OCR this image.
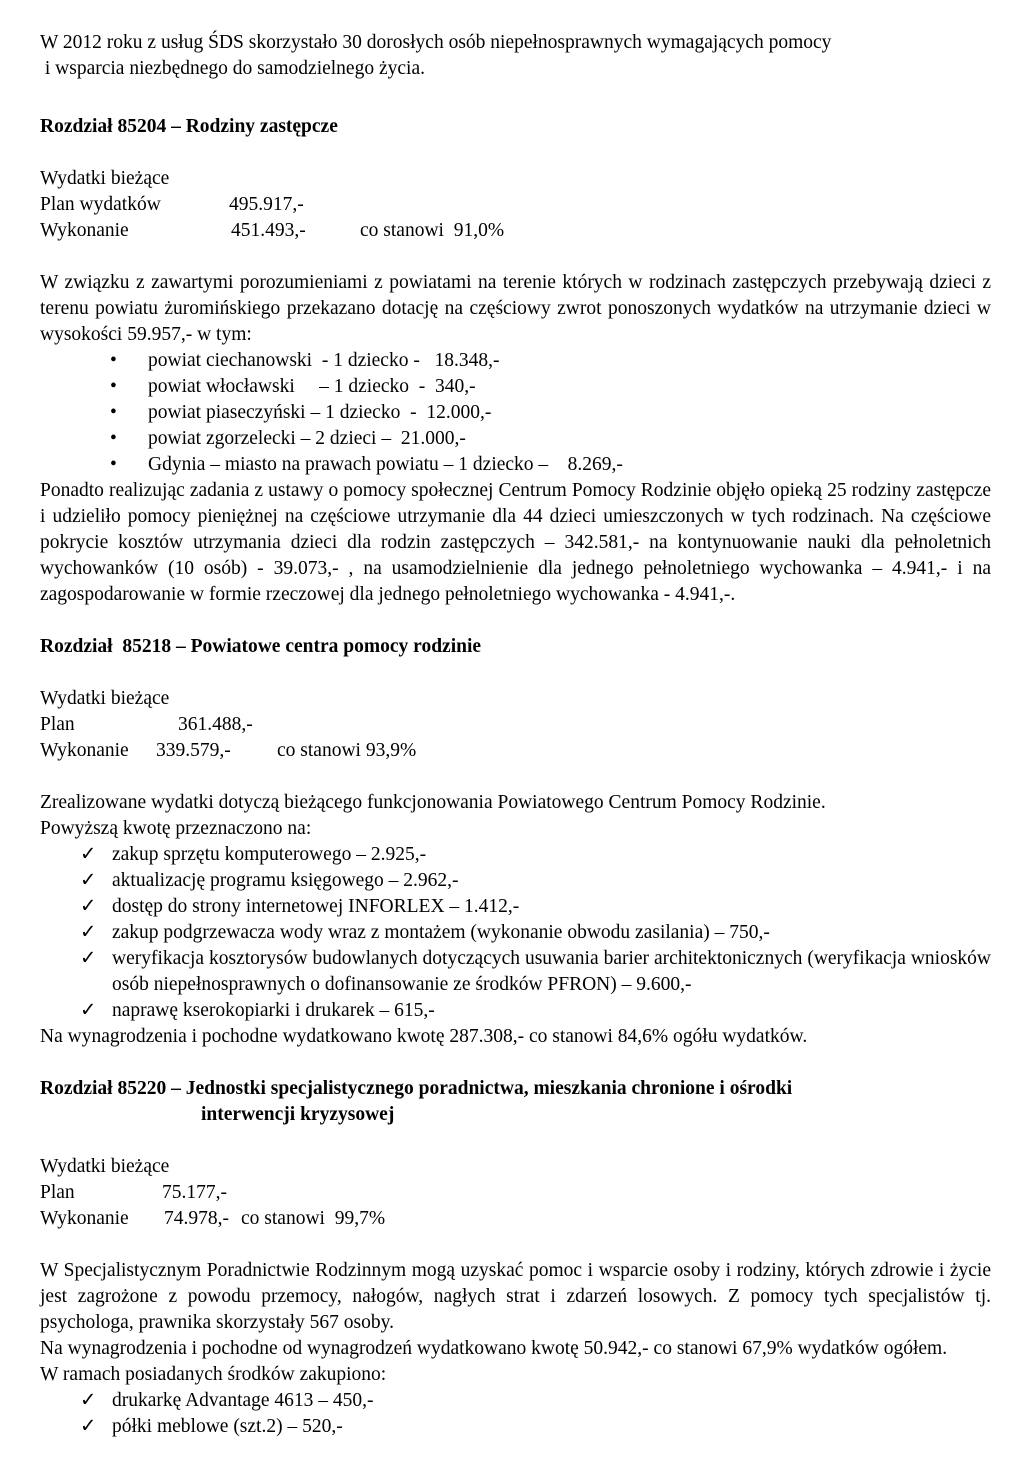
W 2012 roku z usług ŚDS skorzystało 30 dorosłych osób niepełnosprawnych wymagających pomocy

i wsparcia niezbędnego do samodzielnego życia.

Rozdział 85204 – Rodziny zastępcze

Wydatki bieżące

Plan wydatków	495.917,-
Wykonanie	451.493,-	co stanowi  91,0%

W związku z zawartymi porozumieniami z powiatami na terenie których w rodzinach zastępczych przebywają dzieci z terenu powiatu żuromińskiego przekazano dotację na częściowy zwrot ponoszonych wydatków na utrzymanie dzieci w wysokości 59.957,- w tym:

• powiat ciechanowski  - 1 dziecko -   18.348,-
• powiat włocławski     – 1 dziecko  -  340,-
• powiat piaseczyński – 1 dziecko  -  12.000,-
• powiat zgorzelecki – 2 dzieci –  21.000,-
• Gdynia – miasto na prawach powiatu – 1 dziecko –    8.269,-

Ponadto realizując zadania z ustawy o pomocy społecznej Centrum Pomocy Rodzinie objęło opieką 25 rodziny zastępcze i udzieliło pomocy pieniężnej na częściowe utrzymanie dla 44 dzieci umieszczonych w tych rodzinach. Na częściowe pokrycie kosztów utrzymania dzieci dla rodzin zastępczych – 342.581,- na kontynuowanie nauki dla pełnoletnich wychowanków (10 osób) - 39.073,- , na usamodzielnienie dla jednego pełnoletniego wychowanka – 4.941,- i na zagospodarowanie w formie rzeczowej dla jednego pełnoletniego wychowanka - 4.941,-.

Rozdział  85218 – Powiatowe centra pomocy rodzinie

Wydatki bieżące

Plan	361.488,-
Wykonanie	339.579,-	co stanowi 93,9%

Zrealizowane wydatki dotyczą bieżącego funkcjonowania Powiatowego Centrum Pomocy Rodzinie.

Powyższą kwotę przeznaczono na:

✓ zakup sprzętu komputerowego – 2.925,-
✓ aktualizację programu księgowego – 2.962,-
✓ dostęp do strony internetowej INFORLEX – 1.412,-
✓ zakup podgrzewacza wody wraz z montażem (wykonanie obwodu zasilania) – 750,-
✓ weryfikacja kosztorysów budowlanych dotyczących usuwania barier architektonicznych (weryfikacja wniosków osób niepełnosprawnych o dofinansowanie ze środków PFRON) – 9.600,-
✓ naprawę kserokopiarki i drukarek – 615,-

Na wynagrodzenia i pochodne wydatkowano kwotę 287.308,- co stanowi 84,6% ogółu wydatków.

Rozdział 85220 – Jednostki specjalistycznego poradnictwa, mieszkania chronione i ośrodki

interwencji kryzysowej

Wydatki bieżące

Plan	75.177,-
Wykonanie	74.978,- co stanowi  99,7%

W Specjalistycznym Poradnictwie Rodzinnym mogą uzyskać pomoc i wsparcie osoby i rodziny, których zdrowie i życie jest zagrożone z powodu przemocy, nałogów, nagłych strat i zdarzeń losowych. Z pomocy tych specjalistów tj. psychologa, prawnika skorzystały 567 osoby.

Na wynagrodzenia i pochodne od wynagrodzeń wydatkowano kwotę 50.942,- co stanowi 67,9% wydatków ogółem.

W ramach posiadanych środków zakupiono:

✓ drukarkę Advantage 4613 – 450,-
✓ półki meblowe (szt.2) – 520,-
